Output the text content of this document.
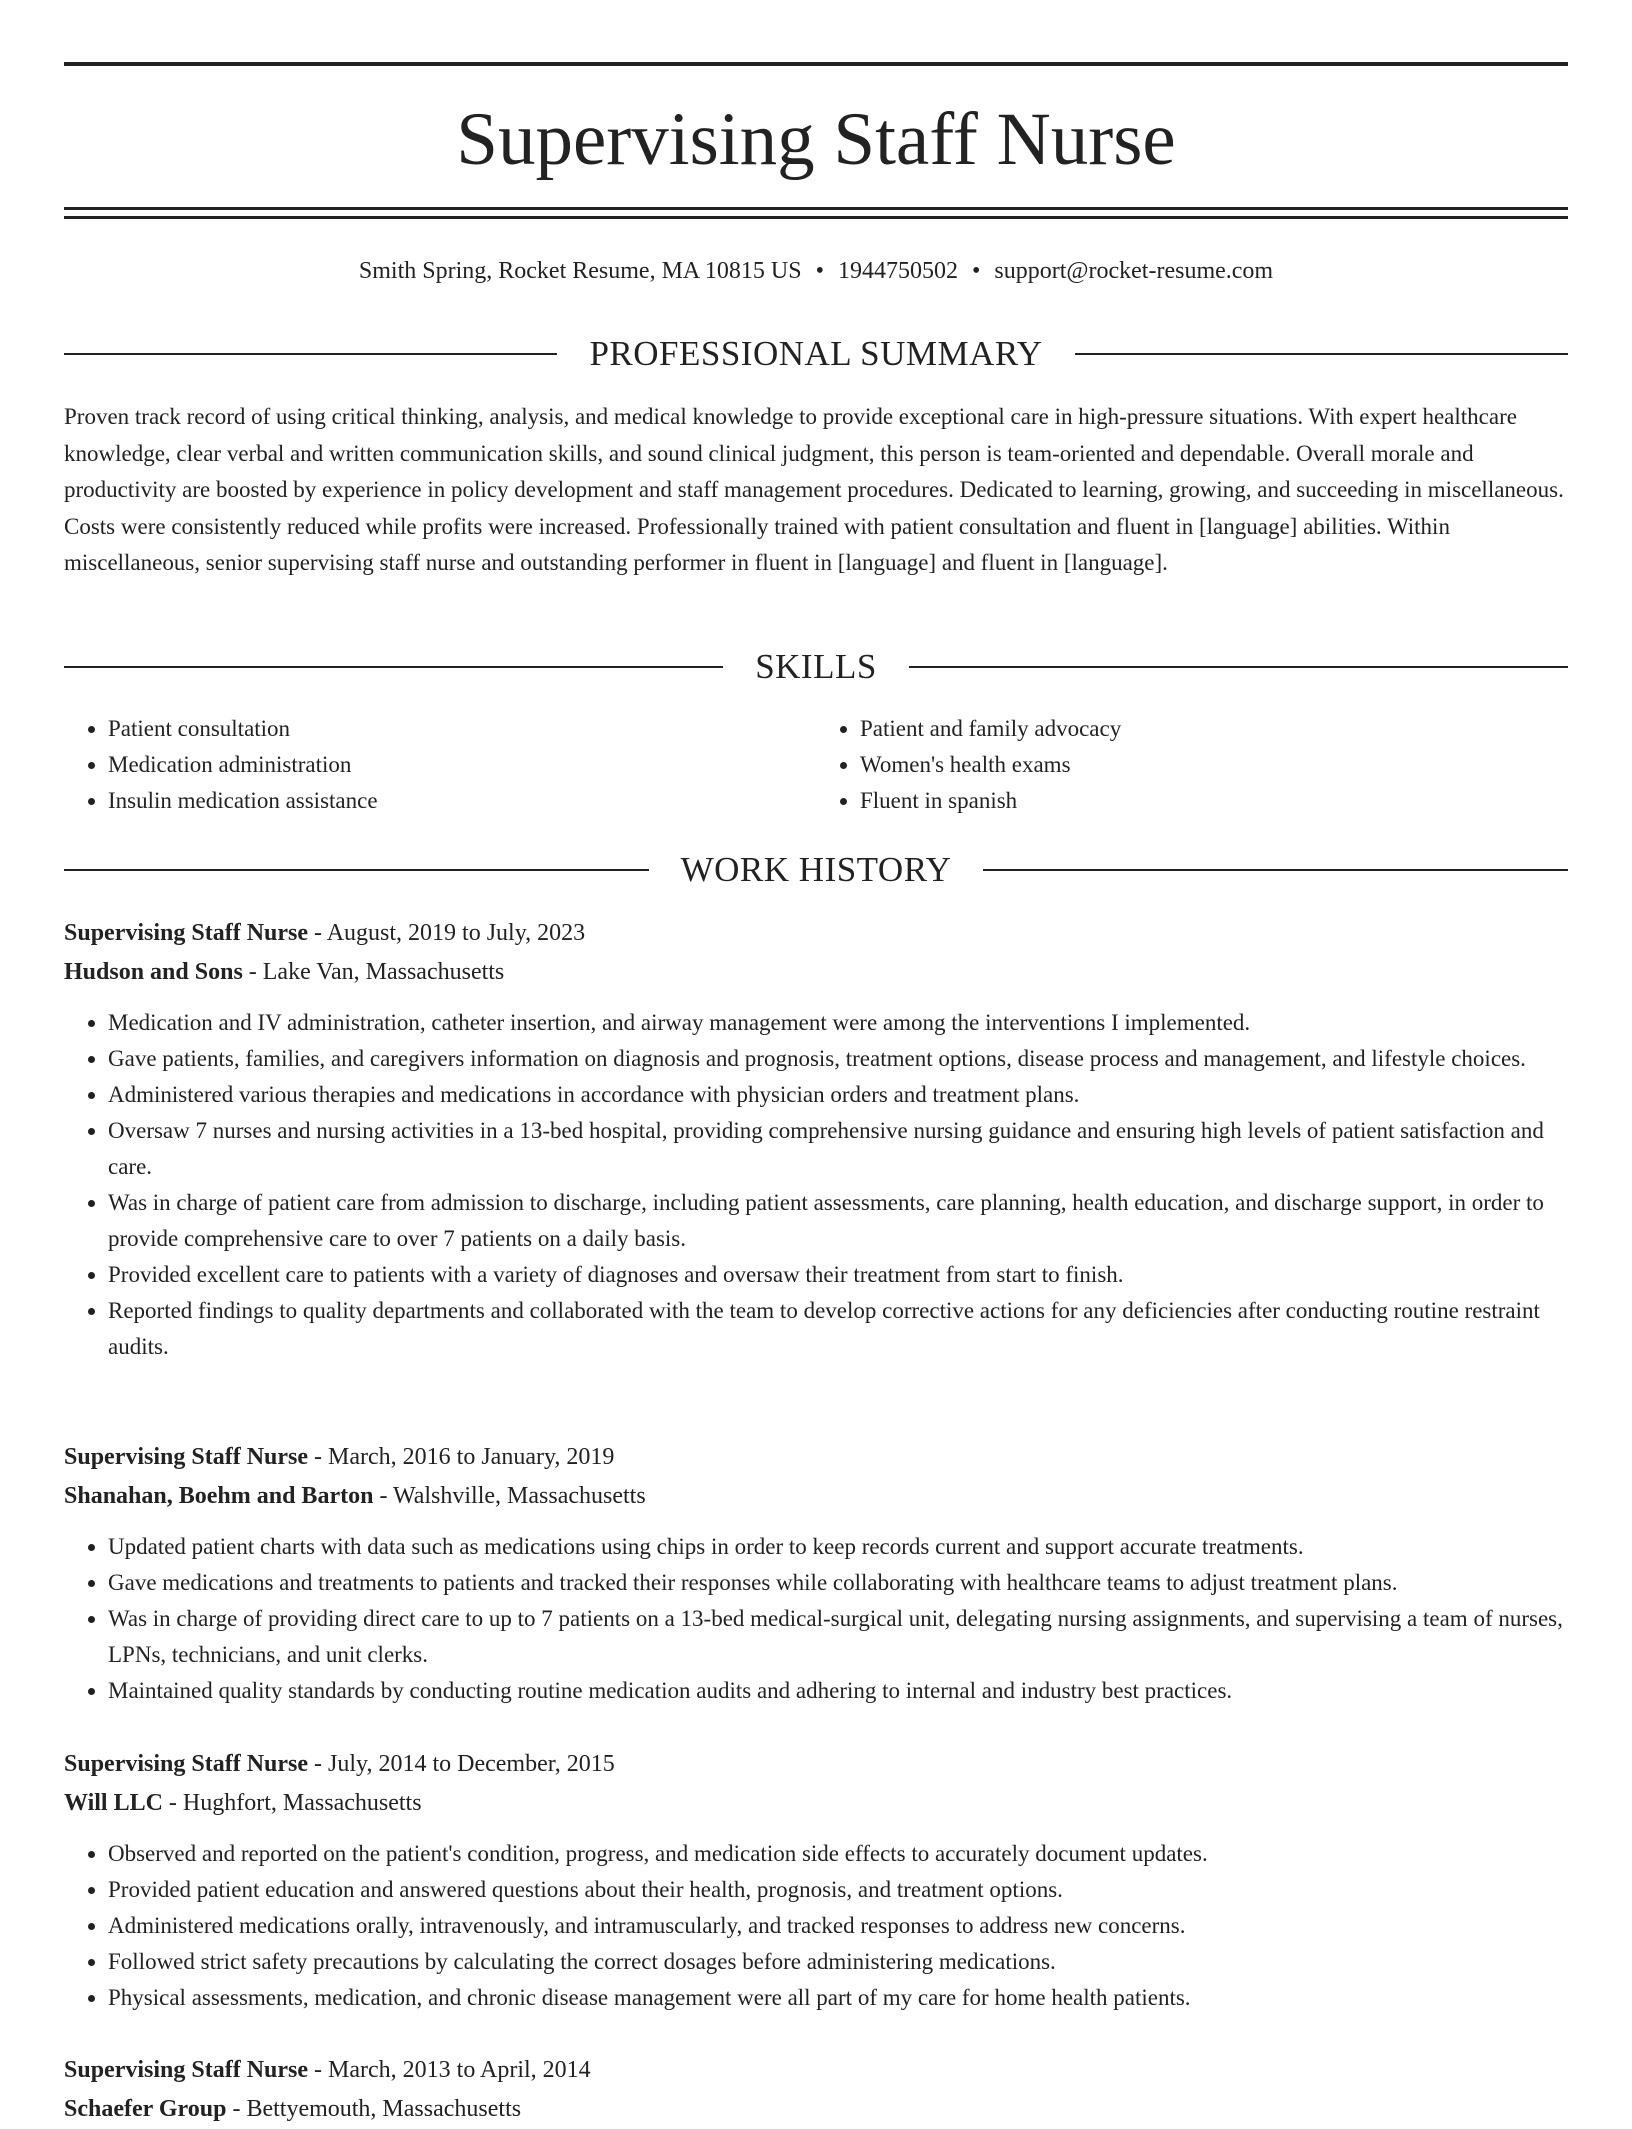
Supervising Staff Nurse
Smith Spring, Rocket Resume, MA 10815 US • 1944750502 • support@rocket-resume.com
PROFESSIONAL SUMMARY

Proven track record of using critical thinking, analysis, and medical knowledge to provide exceptional care in high-pressure situations. With expert healthcare knowledge, clear verbal and written communication skills, and sound clinical judgment, this person is team-oriented and dependable. Overall morale and productivity are boosted by experience in policy development and staff management procedures. Dedicated to learning, growing, and succeeding in miscellaneous. Costs were consistently reduced while profits were increased. Professionally trained with patient consultation and fluent in [language] abilities. Within miscellaneous, senior supervising staff nurse and outstanding performer in fluent in [language] and fluent in [language].

SKILLS
• Patient consultation
• Medication administration
• Insulin medication assistance
• Patient and family advocacy
• Women's health exams
• Fluent in spanish
WORK HISTORY
Supervising Staff Nurse - August, 2019 to July, 2023
Hudson and Sons - Lake Van, Massachusetts
• Medication and IV administration, catheter insertion, and airway management were among the interventions I implemented.
• Gave patients, families, and caregivers information on diagnosis and prognosis, treatment options, disease process and management, and lifestyle choices.
• Administered various therapies and medications in accordance with physician orders and treatment plans.
• Oversaw 7 nurses and nursing activities in a 13-bed hospital, providing comprehensive nursing guidance and ensuring high levels of patient satisfaction and care.
• Was in charge of patient care from admission to discharge, including patient assessments, care planning, health education, and discharge support, in order to provide comprehensive care to over 7 patients on a daily basis.
• Provided excellent care to patients with a variety of diagnoses and oversaw their treatment from start to finish.
• Reported findings to quality departments and collaborated with the team to develop corrective actions for any deficiencies after conducting routine restraint audits.
Supervising Staff Nurse - March, 2016 to January, 2019
Shanahan, Boehm and Barton - Walshville, Massachusetts
• Updated patient charts with data such as medications using chips in order to keep records current and support accurate treatments.
• Gave medications and treatments to patients and tracked their responses while collaborating with healthcare teams to adjust treatment plans.
• Was in charge of providing direct care to up to 7 patients on a 13-bed medical-surgical unit, delegating nursing assignments, and supervising a team of nurses, LPNs, technicians, and unit clerks.
• Maintained quality standards by conducting routine medication audits and adhering to internal and industry best practices.
Supervising Staff Nurse - July, 2014 to December, 2015
Will LLC - Hughfort, Massachusetts
• Observed and reported on the patient's condition, progress, and medication side effects to accurately document updates.
• Provided patient education and answered questions about their health, prognosis, and treatment options.
• Administered medications orally, intravenously, and intramuscularly, and tracked responses to address new concerns.
• Followed strict safety precautions by calculating the correct dosages before administering medications.
• Physical assessments, medication, and chronic disease management were all part of my care for home health patients.
Supervising Staff Nurse - March, 2013 to April, 2014
Schaefer Group - Bettyemouth, Massachusetts
